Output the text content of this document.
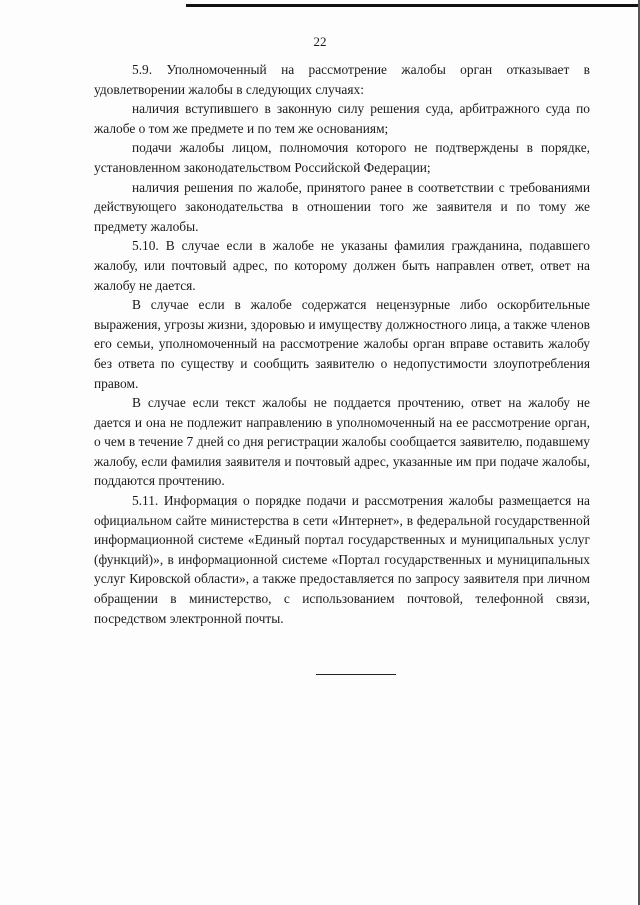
22

5.9. Уполномоченный на рассмотрение жалобы орган отказывает в удовлетворении жалобы в следующих случаях:

наличия вступившего в законную силу решения суда, арбитражного суда по жалобе о том же предмете и по тем же основаниям;

подачи жалобы лицом, полномочия которого не подтверждены в порядке, установленном законодательством Российской Федерации;

наличия решения по жалобе, принятого ранее в соответствии с требованиями действующего законодательства в отношении того же заявителя и по тому же предмету жалобы.

5.10. В случае если в жалобе не указаны фамилия гражданина, подавшего жалобу, или почтовый адрес, по которому должен быть направлен ответ, ответ на жалобу не дается.

В случае если в жалобе содержатся нецензурные либо оскорбительные выражения, угрозы жизни, здоровью и имуществу должностного лица, а также членов его семьи, уполномоченный на рассмотрение жалобы орган вправе оставить жалобу без ответа по существу и сообщить заявителю о недопустимости злоупотребления правом.

В случае если текст жалобы не поддается прочтению, ответ на жалобу не дается и она не подлежит направлению в уполномоченный на ее рассмотрение орган, о чем в течение 7 дней со дня регистрации жалобы сообщается заявителю, подавшему жалобу, если фамилия заявителя и почтовый адрес, указанные им при подаче жалобы, поддаются прочтению.

5.11. Информация о порядке подачи и рассмотрения жалобы размещается на официальном сайте министерства в сети «Интернет», в федеральной государственной информационной системе «Единый портал государственных и муниципальных услуг (функций)», в информационной системе «Портал государственных и муниципальных услуг Кировской области», а также предоставляется по запросу заявителя при личном обращении в министерство, с использованием почтовой, телефонной связи, посредством электронной почты.
